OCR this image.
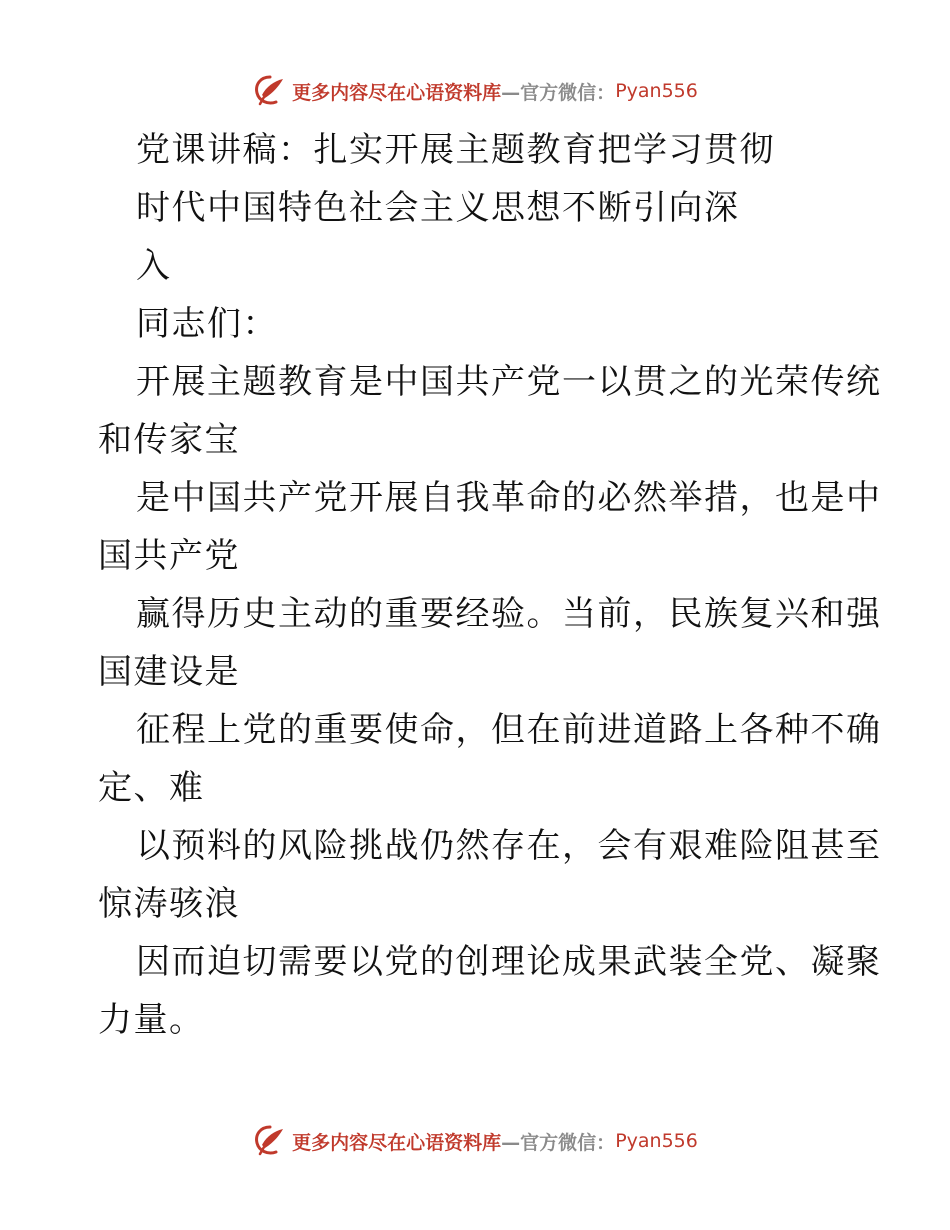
更多内容尽在心语资料库 —官方微信： Pyan556
党课讲稿：扎实开展主题教育把学习贯彻
时代中国特色社会主义思想不断引向深
入
同志们：
开展主题教育是中国共产党一以贯之的光荣传统
和传家宝
是中国共产党开展自我革命的必然举措，也是中
国共产党
赢得历史主动的重要经验。当前，民族复兴和强
国建设是
征程上党的重要使命，但在前进道路上各种不确
定、难
以预料的风险挑战仍然存在，会有艰难险阻甚至
惊涛骇浪
因而迫切需要以党的创理论成果武装全党、凝聚
力量。
更多内容尽在心语资料库 —官方微信： Pyan556
